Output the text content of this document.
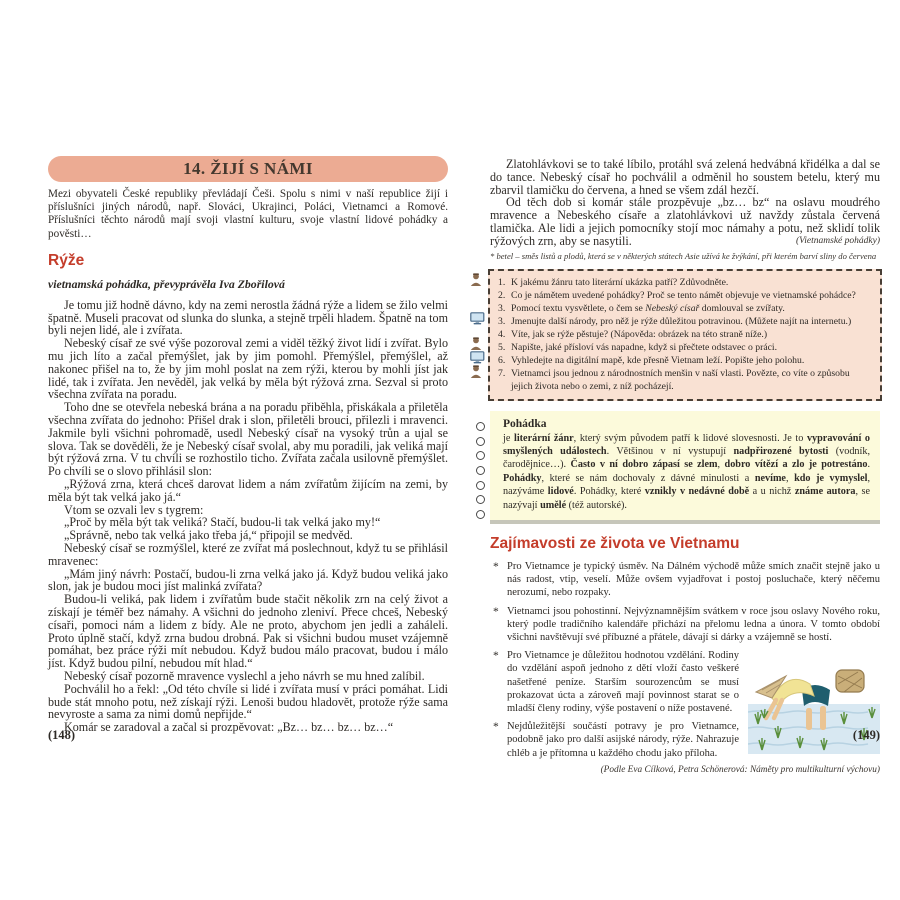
14. ŽIJÍ S NÁMI
Mezi obyvateli České republiky převládají Češi. Spolu s nimi v naší republice žijí i příslušníci jiných národů, např. Slováci, Ukrajinci, Poláci, Vietnamci a Romové. Příslušníci těchto národů mají svoji vlastní kulturu, svoje vlastní lidové pohádky a pověsti…
Rýže
vietnamská pohádka, převyprávěla Iva Zbořilová

Je tomu již hodně dávno, kdy na zemi nerostla žádná rýže a lidem se žilo velmi špatně. Museli pracovat od slunka do slunka, a stejně trpěli hladem. Špatně na tom byli nejen lidé, ale i zvířata.

Nebeský císař ze své výše pozoroval zemi a viděl těžký život lidí i zvířat. Bylo mu jich líto a začal přemýšlet, jak by jim pomohl. Přemýšlel, přemýšlel, až nakonec přišel na to, že by jim mohl poslat na zem rýži, kterou by mohli jíst jak lidé, tak i zvířata. Jen nevěděl, jak velká by měla být rýžová zrna. Sezval si proto všechna zvířata na poradu.

Toho dne se otevřela nebeská brána a na poradu přiběhla, přiskákala a přiletěla všechna zvířata do jednoho: Přišel drak i slon, přiletěli brouci, přilezli i mravenci. Jakmile byli všichni pohromadě, usedl Nebeský císař na vysoký trůn a ujal se slova. Tak se dověděli, že je Nebeský císař svolal, aby mu poradili, jak veliká mají být rýžová zrna. V tu chvíli se rozhostilo ticho. Zvířata začala usilovně přemýšlet. Po chvíli se o slovo přihlásil slon:

„Rýžová zrna, která chceš darovat lidem a nám zvířatům žijícím na zemi, by měla být tak velká jako já.“

Vtom se ozvali lev s tygrem:

„Proč by měla být tak veliká? Stačí, budou-li tak velká jako my!“

„Správně, nebo tak velká jako třeba já,“ připojil se medvěd.

Nebeský císař se rozmýšlel, které ze zvířat má poslechnout, když tu se přihlásil mravenec:

„Mám jiný návrh: Postačí, budou-li zrna velká jako já. Když budou veliká jako slon, jak je budou moci jíst malinká zvířata?

Budou-li veliká, pak lidem i zvířatům bude stačit několik zrn na celý život a získají je téměř bez námahy. A všichni do jednoho zleniví. Přece chceš, Nebeský císaři, pomoci nám a lidem z bídy. Ale ne proto, abychom jen jedli a zaháleli. Proto úplně stačí, když zrna budou drobná. Pak si všichni budou muset vzájemně pomáhat, bez práce rýži mít nebudou. Když budou málo pracovat, budou i málo jíst. Když budou pilní, nebudou mít hlad.“

Nebeský císař pozorně mravence vyslechl a jeho návrh se mu hned zalíbil.

Pochválil ho a řekl: „Od této chvíle si lidé i zvířata musí v práci pomáhat. Lidi bude stát mnoho potu, než získají rýži. Lenoši budou hladovět, protože rýže sama nevyroste a sama za nimi domů nepřijde.“

Komár se zaradoval a začal si prozpěvovat: „Bz… bz… bz… bz…“

(148)

Zlatohlávkovi se to také líbilo, protáhl svá zelená hedvábná křidélka a dal se do tance. Nebeský císař ho pochválil a odměnil ho soustem betelu, který mu zbarvil tlamičku do červena, a hned se všem zdál hezčí.

Od těch dob si komár stále prozpěvuje „bz… bz“ na oslavu moudrého mravence a Nebeského císaře a zlatohlávkovi už navždy zůstala červená tlamička. Ale lidi a jejich pomocníky stojí moc námahy a potu, než sklidí tolik rýžových zrn, aby se nasytili.	(Vietnamské pohádky)
* betel – směs listů a plodů, která se v některých státech Asie užívá ke žvýkání, při kterém barví sliny do červena
1. K jakému žánru tato literární ukázka patří? Zdůvodněte.
2. Co je námětem uvedené pohádky? Proč se tento námět objevuje ve vietnamské pohádce?
3. Pomocí textu vysvětlete, o čem se Nebeský císař domlouval se zvířaty.
3. Jmenujte další národy, pro něž je rýže důležitou potravinou. (Můžete najít na internetu.)
4. Víte, jak se rýže pěstuje? (Nápověda: obrázek na této straně níže.)
5. Napište, jaké přísloví vás napadne, když si přečtete odstavec o práci.
6. Vyhledejte na digitální mapě, kde přesně Vietnam leží. Popište jeho polohu.
7. Vietnamci jsou jednou z národnostních menšin v naší vlasti. Povězte, co víte o způsobu jejich života nebo o zemi, z níž pocházejí.
Pohádka
je literární žánr, který svým původem patří k lidové slovesnosti. Je to vypravování o smyšlených událostech. Většinou v ní vystupují nadpřirozené bytosti (vodník, čarodějnice…). Často v ní dobro zápasí se zlem, dobro vítězí a zlo je potrestáno. Pohádky, které se nám dochovaly z dávné minulosti a nevíme, kdo je vymyslel, nazýváme lidové. Pohádky, které vznikly v nedávné době a u nichž známe autora, se nazývají umělé (též autorské).
Zajímavosti ze života ve Vietnamu
* Pro Vietnamce je typický úsměv. Na Dálném východě může smích značit stejně jako u nás radost, vtip, veselí. Může ovšem vyjadřovat i postoj posluchače, který něčemu nerozumí, nebo rozpaky.
* Vietnamci jsou pohostinní. Nejvýznamnějším svátkem v roce jsou oslavy Nového roku, který podle tradičního kalendáře přichází na přelomu ledna a února. V tomto období všichni navštěvují své příbuzné a přátele, dávají si dárky a vzájemně se hostí.
* Pro Vietnamce je důležitou hodnotou vzdělání. Rodiny do vzdělání aspoň jednoho z dětí vloží často veškeré našetřené peníze. Starším sourozencům se musí prokazovat úcta a zároveň mají povinnost starat se o mladší členy rodiny, výše postavení o níže postavené.
* Nejdůležitější součástí potravy je pro Vietnamce, podobně jako pro další asijské národy, rýže. Nahrazuje chléb a je přítomna u každého chodu jako příloha.
(Podle Eva Cílková, Petra Schönerová: Náměty pro multikulturní výchovu)
(149)
